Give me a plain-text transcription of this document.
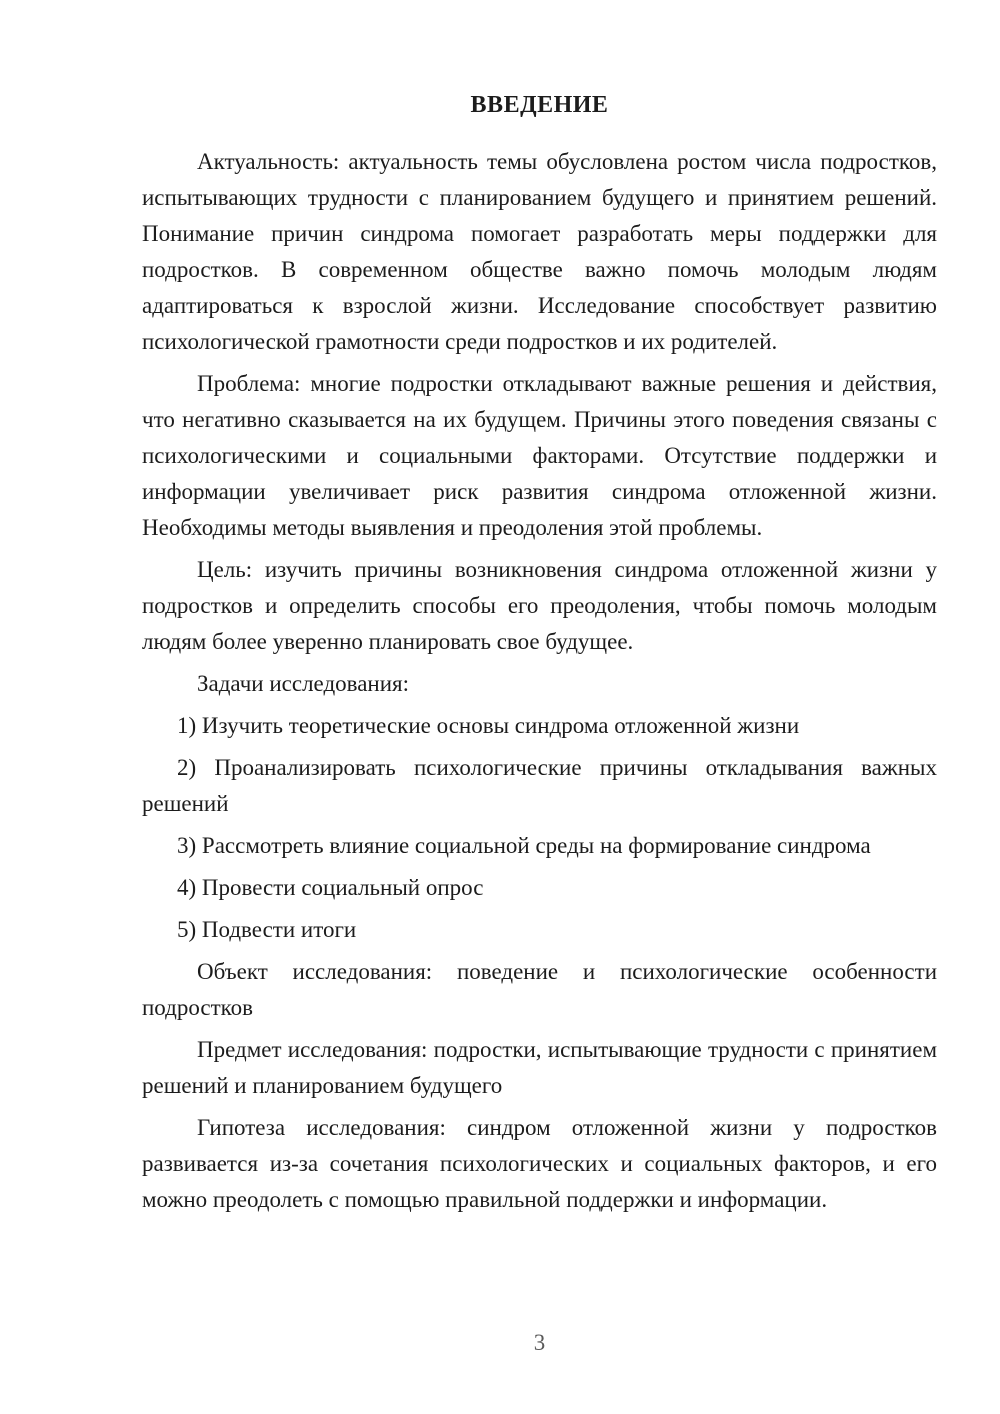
ВВЕДЕНИЕ

Актуальность: актуальность темы обусловлена ростом числа подростков, испытывающих трудности с планированием будущего и принятием решений. Понимание причин синдрома помогает разработать меры поддержки для подростков. В современном обществе важно помочь молодым людям адаптироваться к взрослой жизни. Исследование способствует развитию психологической грамотности среди подростков и их родителей.

Проблема: многие подростки откладывают важные решения и действия, что негативно сказывается на их будущем. Причины этого поведения связаны с психологическими и социальными факторами. Отсутствие поддержки и информации увеличивает риск развития синдрома отложенной жизни. Необходимы методы выявления и преодоления этой проблемы.

Цель: изучить причины возникновения синдрома отложенной жизни у подростков и определить способы его преодоления, чтобы помочь молодым людям более уверенно планировать свое будущее.

Задачи исследования:

1) Изучить теоретические основы синдрома отложенной жизни

2) Проанализировать психологические причины откладывания важных решений

3) Рассмотреть влияние социальной среды на формирование синдрома

4) Провести социальный опрос

5) Подвести итоги

Объект исследования: поведение и психологические особенности подростков

Предмет исследования: подростки, испытывающие трудности с принятием решений и планированием будущего

Гипотеза исследования: синдром отложенной жизни у подростков развивается из-за сочетания психологических и социальных факторов, и его можно преодолеть с помощью правильной поддержки и информации.

3
